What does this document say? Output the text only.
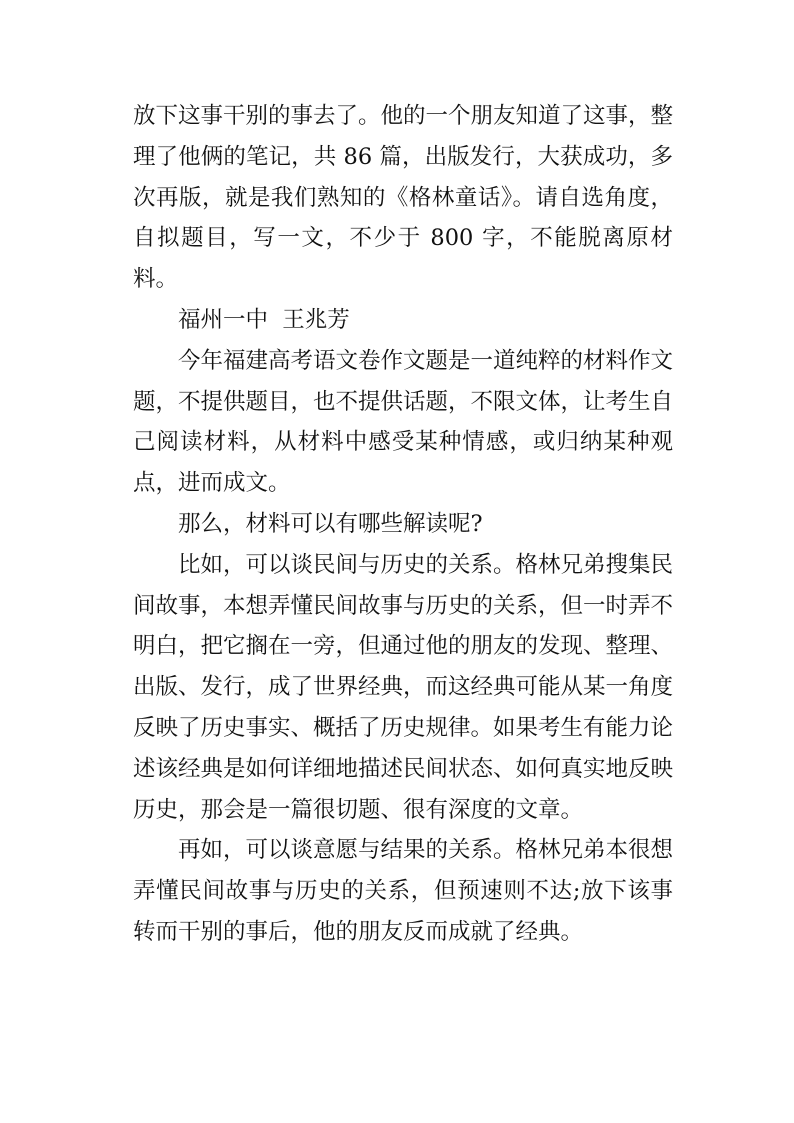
放下这事干别的事去了。他的一个朋友知道了这事，整理了他俩的笔记，共 86 篇，出版发行，大获成功，多次再版，就是我们熟知的《格林童话》。请自选角度，自拟题目，写一文，不少于 800 字，不能脱离原材料。

福州一中  王兆芳

今年福建高考语文卷作文题是一道纯粹的材料作文题，不提供题目，也不提供话题，不限文体，让考生自己阅读材料，从材料中感受某种情感，或归纳某种观点，进而成文。

那么，材料可以有哪些解读呢?

比如，可以谈民间与历史的关系。格林兄弟搜集民间故事，本想弄懂民间故事与历史的关系，但一时弄不明白，把它搁在一旁，但通过他的朋友的发现、整理、出版、发行，成了世界经典，而这经典可能从某一角度反映了历史事实、概括了历史规律。如果考生有能力论述该经典是如何详细地描述民间状态、如何真实地反映历史，那会是一篇很切题、很有深度的文章。

再如，可以谈意愿与结果的关系。格林兄弟本很想弄懂民间故事与历史的关系，但预速则不达;放下该事转而干别的事后，他的朋友反而成就了经典。
